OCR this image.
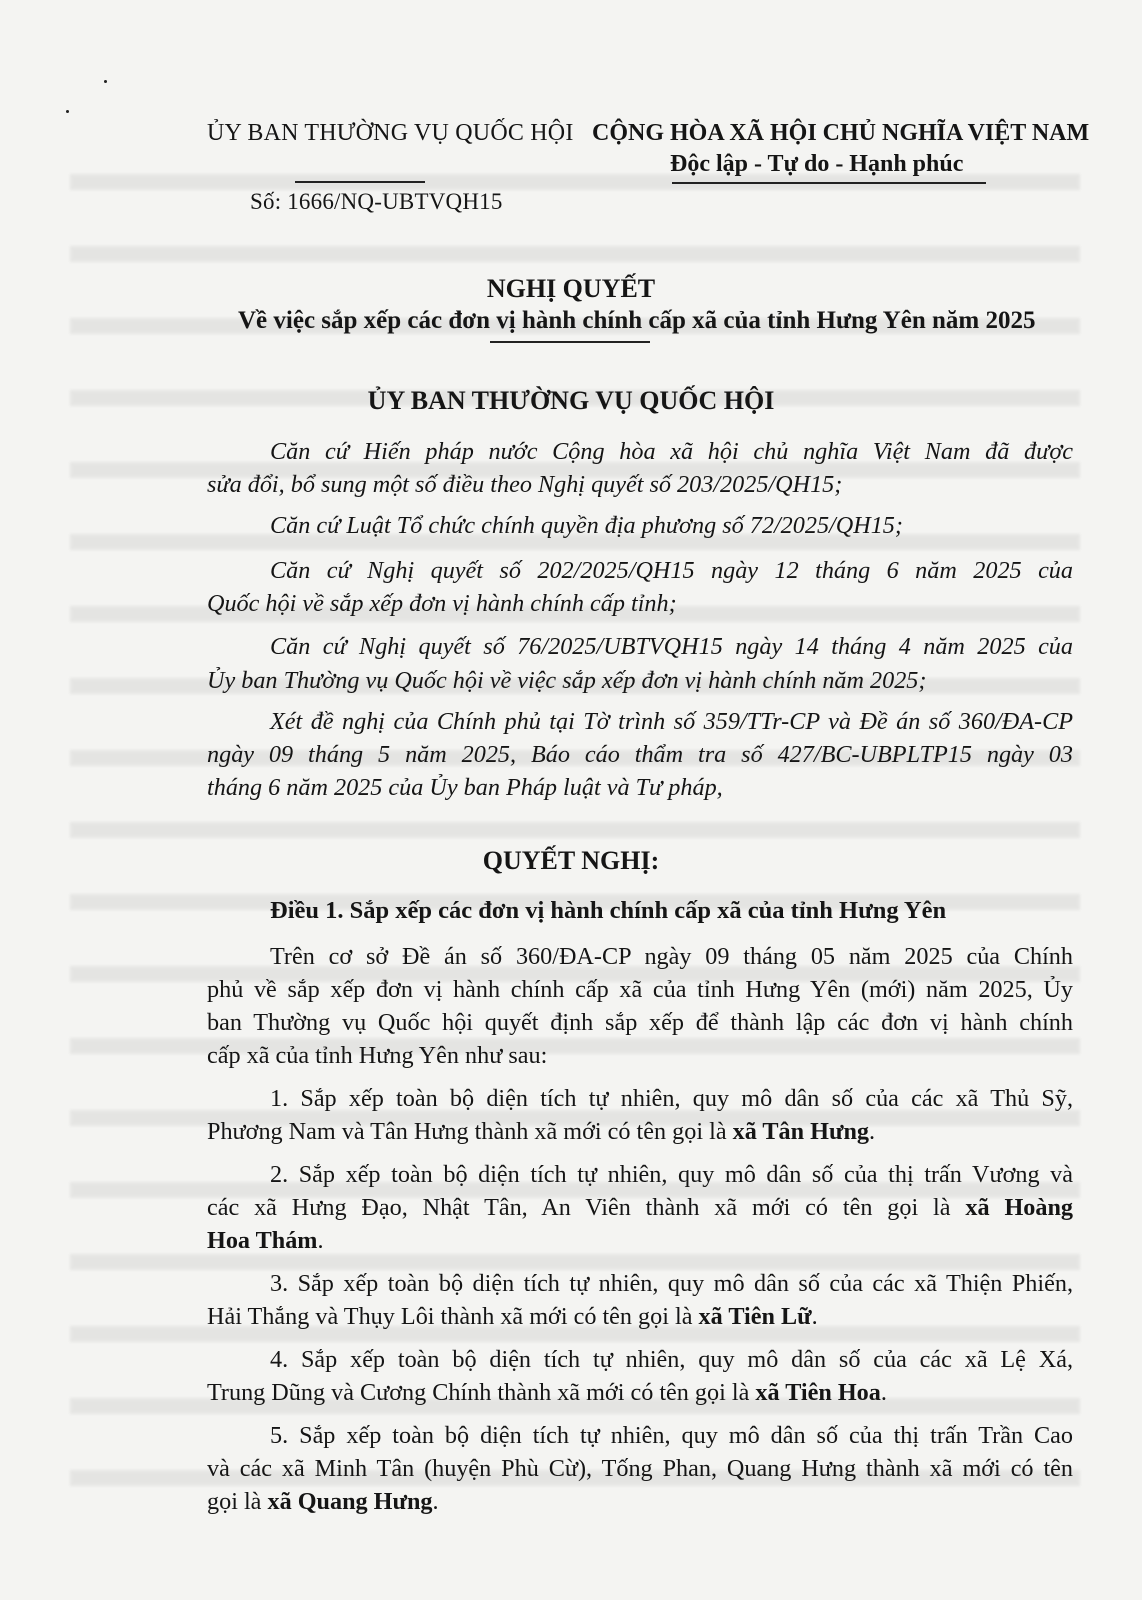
ỦY BAN THƯỜNG VỤ QUỐC HỘI CỘNG HÒA XÃ HỘI CHỦ NGHĨA VIỆT NAM
Độc lập - Tự do - Hạnh phúc
Số: 1666/NQ-UBTVQH15
NGHỊ QUYẾT
Về việc sắp xếp các đơn vị hành chính cấp xã của tỉnh Hưng Yên năm 2025
ỦY BAN THƯỜNG VỤ QUỐC HỘI
Căn cứ Hiến pháp nước Cộng hòa xã hội chủ nghĩa Việt Nam đã được
sửa đổi, bổ sung một số điều theo Nghị quyết số 203/2025/QH15;
Căn cứ Luật Tổ chức chính quyền địa phương số 72/2025/QH15;
Căn cứ Nghị quyết số 202/2025/QH15 ngày 12 tháng 6 năm 2025 của
Quốc hội về sắp xếp đơn vị hành chính cấp tỉnh;
Căn cứ Nghị quyết số 76/2025/UBTVQH15 ngày 14 tháng 4 năm 2025 của
Ủy ban Thường vụ Quốc hội về việc sắp xếp đơn vị hành chính năm 2025;
Xét đề nghị của Chính phủ tại Tờ trình số 359/TTr-CP và Đề án số 360/ĐA-CP
ngày 09 tháng 5 năm 2025, Báo cáo thẩm tra số 427/BC-UBPLTP15 ngày 03
tháng 6 năm 2025 của Ủy ban Pháp luật và Tư pháp,
QUYẾT NGHỊ:
Điều 1. Sắp xếp các đơn vị hành chính cấp xã của tỉnh Hưng Yên
Trên cơ sở Đề án số 360/ĐA-CP ngày 09 tháng 05 năm 2025 của Chính
phủ về sắp xếp đơn vị hành chính cấp xã của tỉnh Hưng Yên (mới) năm 2025, Ủy
ban Thường vụ Quốc hội quyết định sắp xếp để thành lập các đơn vị hành chính
cấp xã của tỉnh Hưng Yên như sau:
1. Sắp xếp toàn bộ diện tích tự nhiên, quy mô dân số của các xã Thủ Sỹ,
Phương Nam và Tân Hưng thành xã mới có tên gọi là xã Tân Hưng.
2. Sắp xếp toàn bộ diện tích tự nhiên, quy mô dân số của thị trấn Vương và
các xã Hưng Đạo, Nhật Tân, An Viên thành xã mới có tên gọi là xã Hoàng
Hoa Thám.
3. Sắp xếp toàn bộ diện tích tự nhiên, quy mô dân số của các xã Thiện Phiến,
Hải Thắng và Thụy Lôi thành xã mới có tên gọi là xã Tiên Lữ.
4. Sắp xếp toàn bộ diện tích tự nhiên, quy mô dân số của các xã Lệ Xá,
Trung Dũng và Cương Chính thành xã mới có tên gọi là xã Tiên Hoa.
5. Sắp xếp toàn bộ diện tích tự nhiên, quy mô dân số của thị trấn Trần Cao
và các xã Minh Tân (huyện Phù Cừ), Tống Phan, Quang Hưng thành xã mới có tên
gọi là xã Quang Hưng.
